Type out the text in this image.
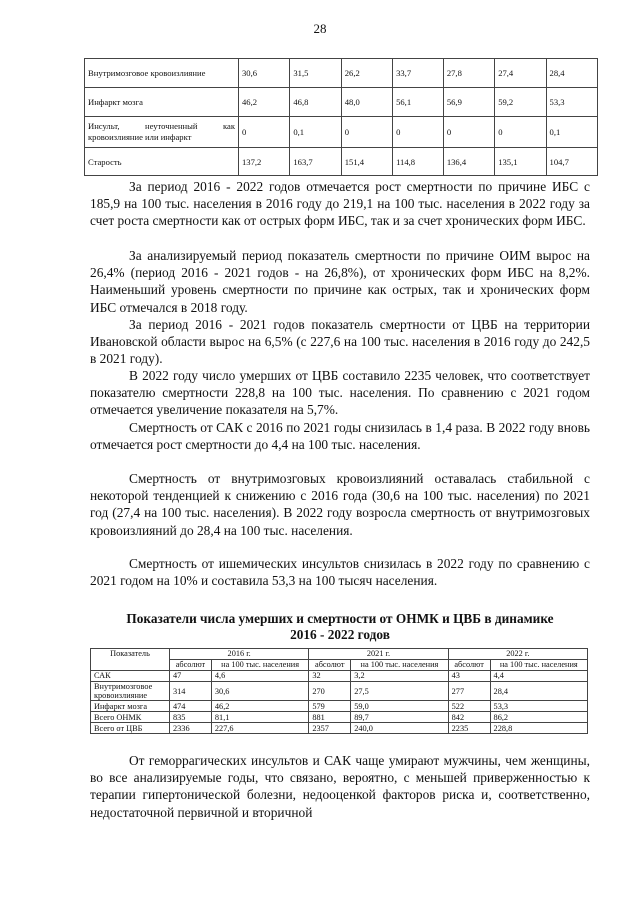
28
Внутримозговое кровоизлияние	30,6	31,5	26,2	33,7	27,8	27,4	28,4
Инфаркт мозга	46,2	46,8	48,0	56,1	56,9	59,2	53,3
Инсульт, неуточненный как кровоизлияние или инфаркт	0	0,1	0	0	0	0	0,1
Старость	137,2	163,7	151,4	114,8	136,4	135,1	104,7

За период 2016 - 2022 годов отмечается рост смертности по причине ИБС с 185,9 на 100 тыс. населения в 2016 году до 219,1 на 100 тыс. населения в 2022 году за счет роста смертности как от острых форм ИБС, так и за счет хронических форм ИБС.

За анализируемый период показатель смертности по причине ОИМ вырос на 26,4% (период 2016 - 2021 годов - на 26,8%), от хронических форм ИБС на 8,2%. Наименьший уровень смертности по причине как острых, так и хронических форм ИБС отмечался в 2018 году.

За период 2016 - 2021 годов показатель смертности от ЦВБ на территории Ивановской области вырос на 6,5% (с 227,6 на 100 тыс. населения в 2016 году до 242,5 в 2021 году).

В 2022 году число умерших от ЦВБ составило 2235 человек, что соответствует показателю смертности 228,8 на 100 тыс. населения. По сравнению с 2021 годом отмечается увеличение показателя на 5,7%.

Смертность от САК с 2016 по 2021 годы снизилась в 1,4 раза. В 2022 году вновь отмечается рост смертности до 4,4 на 100 тыс. населения.

Смертность от внутримозговых кровоизлияний оставалась стабильной с некоторой тенденцией к снижению с 2016 года (30,6 на 100 тыс. населения) по 2021 год (27,4 на 100 тыс. населения). В 2022 году возросла смертность от внутримозговых кровоизлияний до 28,4 на 100 тыс. населения.

Смертность от ишемических инсультов снизилась в 2022 году по сравнению с 2021 годом на 10% и составила 53,3 на 100 тысяч населения.

Показатели числа умерших и смертности от ОНМК и ЦВБ в динамике
2016 - 2022 годов
Показатель	2016 г.		2021 г.		2022 г.	
	абсолют	на 100 тыс. населения	абсолют	на 100 тыс. населения	абсолют	на 100 тыс. населения
САК	47	4,6	32	3,2	43	4,4
Внутримозговое кровоизлияние	314	30,6	270	27,5	277	28,4
Инфаркт мозга	474	46,2	579	59,0	522	53,3
Всего ОНМК	835	81,1	881	89,7	842	86,2
Всего от ЦВБ	2336	227,6	2357	240,0	2235	228,8

От геморрагических инсультов и САК чаще умирают мужчины, чем женщины, во все анализируемые годы, что связано, вероятно, с меньшей приверженностью к терапии гипертонической болезни, недооценкой факторов риска и, соответственно, недостаточной первичной и вторичной
